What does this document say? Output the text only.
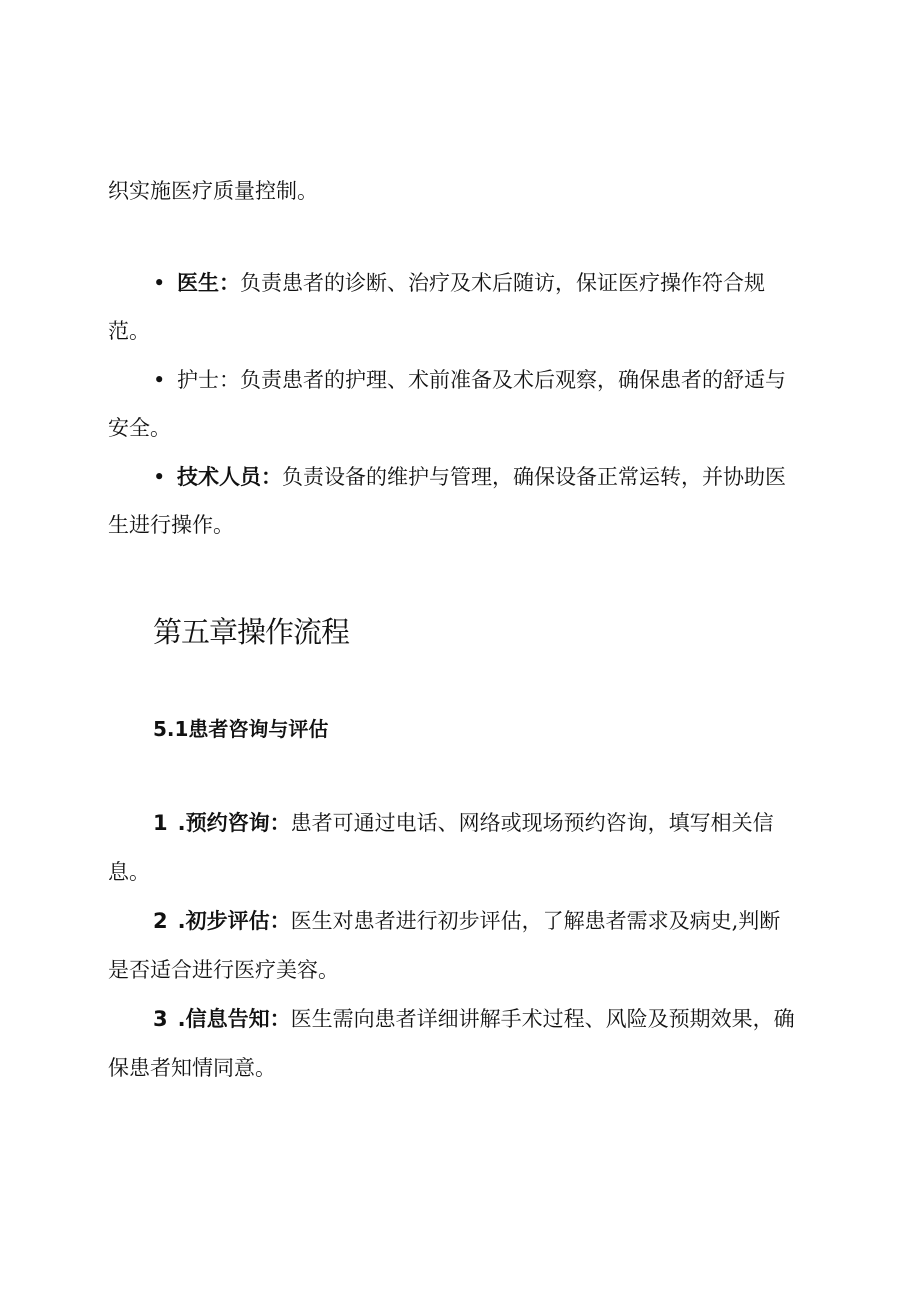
织实施医疗质量控制。
• 医生：负责患者的诊断、治疗及术后随访，保证医疗操作符合规
范。
• 护士：负责患者的护理、术前准备及术后观察，确保患者的舒适与
安全。
• 技术人员：负责设备的维护与管理，确保设备正常运转，并协助医
生进行操作。
第五章操作流程
5.1患者咨询与评估
1 .预约咨询：患者可通过电话、网络或现场预约咨询，填写相关信
息。
2 .初步评估：医生对患者进行初步评估，了解患者需求及病史,判断
是否适合进行医疗美容。
3 .信息告知：医生需向患者详细讲解手术过程、风险及预期效果，确
保患者知情同意。
